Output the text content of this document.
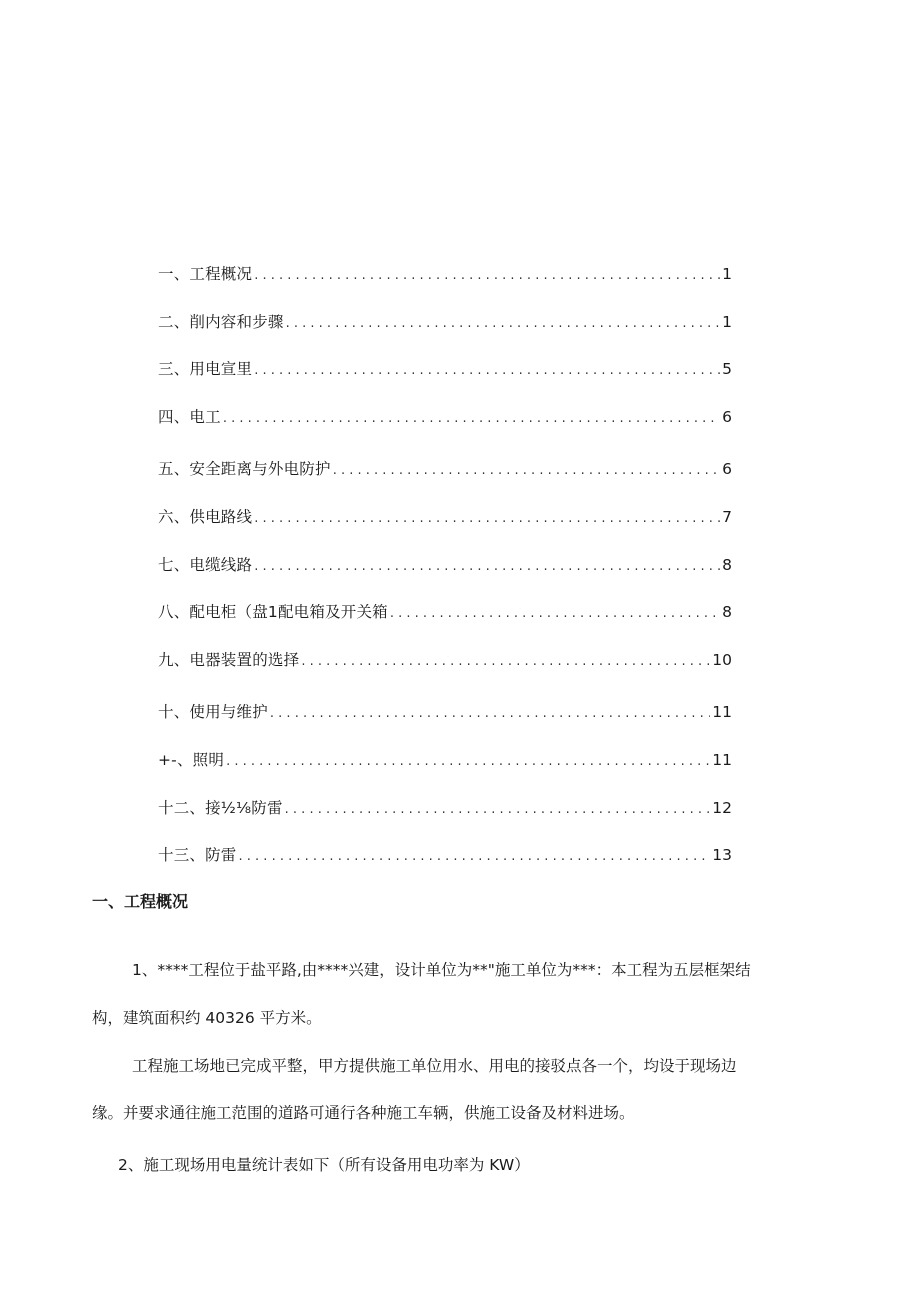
一、工程概况 . . .	1
二、削内容和步骤 . . .	1
三、用电宣里 . . .	5
四、电工 . . .	6
五、安全距离与外电防护 . . .	6
六、供电路线 . . .	7
七、电缆线路 . . .	8
八、配电柜（盘1配电箱及开关箱 . . .	8
九、电器装置的选择 . . .	10
十、使用与维护 . . .	11
+-、照明 . . .	11
十二、接½⅛防雷 . . .	12
十三、防雷 . . .	13
一、工程概况
1、****工程位于盐平路,由****兴建，设计单位为**"施工单位为***：本工程为五层框架结
构，建筑面积约 40326 平方米。
工程施工场地已完成平整，甲方提供施工单位用水、用电的接驳点各一个，均设于现场边
缘。并要求通往施工范围的道路可通行各种施工车辆，供施工设备及材料进场。
2、施工现场用电量统计表如下（所有设备用电功率为 KW）
